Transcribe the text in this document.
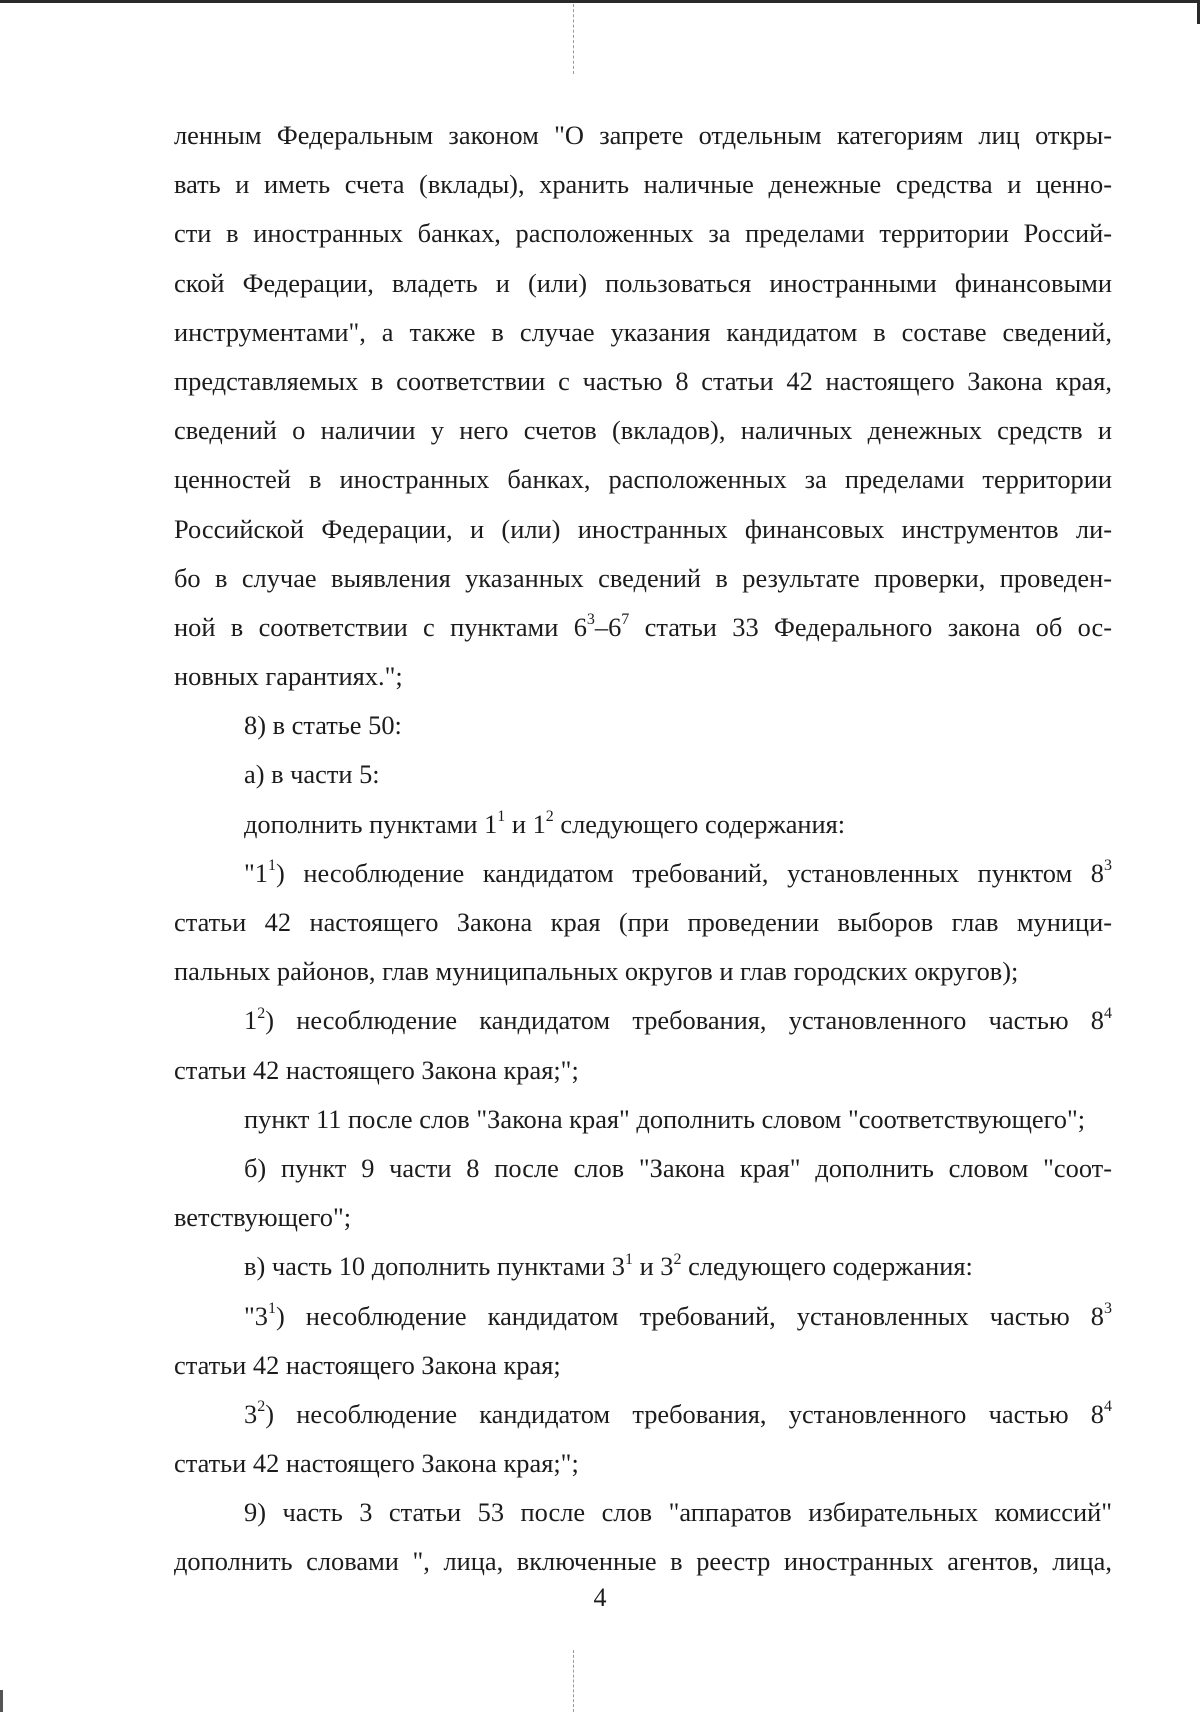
ленным Федеральным законом "О запрете отдельным категориям лиц откры-
вать и иметь счета (вклады), хранить наличные денежные средства и ценно-
сти в иностранных банках, расположенных за пределами территории Россий-
ской Федерации, владеть и (или) пользоваться иностранными финансовыми
инструментами", а также в случае указания кандидатом в составе сведений,
представляемых в соответствии с частью 8 статьи 42 настоящего Закона края,
сведений о наличии у него счетов (вкладов), наличных денежных средств и
ценностей в иностранных банках, расположенных за пределами территории
Российской Федерации, и (или) иностранных финансовых инструментов ли-
бо в случае выявления указанных сведений в результате проверки, проведен-
ной в соответствии с пунктами $6^3-6^7$ статьи 33 Федерального закона об ос-
новных гарантиях.";
8) в статье 50:
а) в части 5:
дополнить пунктами $1^1$ и $1^2$ следующего содержания:
"$1^1$) несоблюдение кандидатом требований, установленных пунктом $8^3$
статьи 42 настоящего Закона края (при проведении выборов глав муници-
пальных районов, глав муниципальных округов и глав городских округов);
$1^2$) несоблюдение кандидатом требования, установленного частью $8^4$
статьи 42 настоящего Закона края;";
пункт 11 после слов "Закона края" дополнить словом "соответствующего";
б) пункт 9 части 8 после слов "Закона края" дополнить словом "соот-
ветствующего";
в) часть 10 дополнить пунктами $3^1$ и $3^2$ следующего содержания:
"$3^1$) несоблюдение кандидатом требований, установленных частью $8^3$
статьи 42 настоящего Закона края;
$3^2$) несоблюдение кандидатом требования, установленного частью $8^4$
статьи 42 настоящего Закона края;";
9) часть 3 статьи 53 после слов "аппаратов избирательных комиссий"
дополнить словами ", лица, включенные в реестр иностранных агентов, лица,
4
